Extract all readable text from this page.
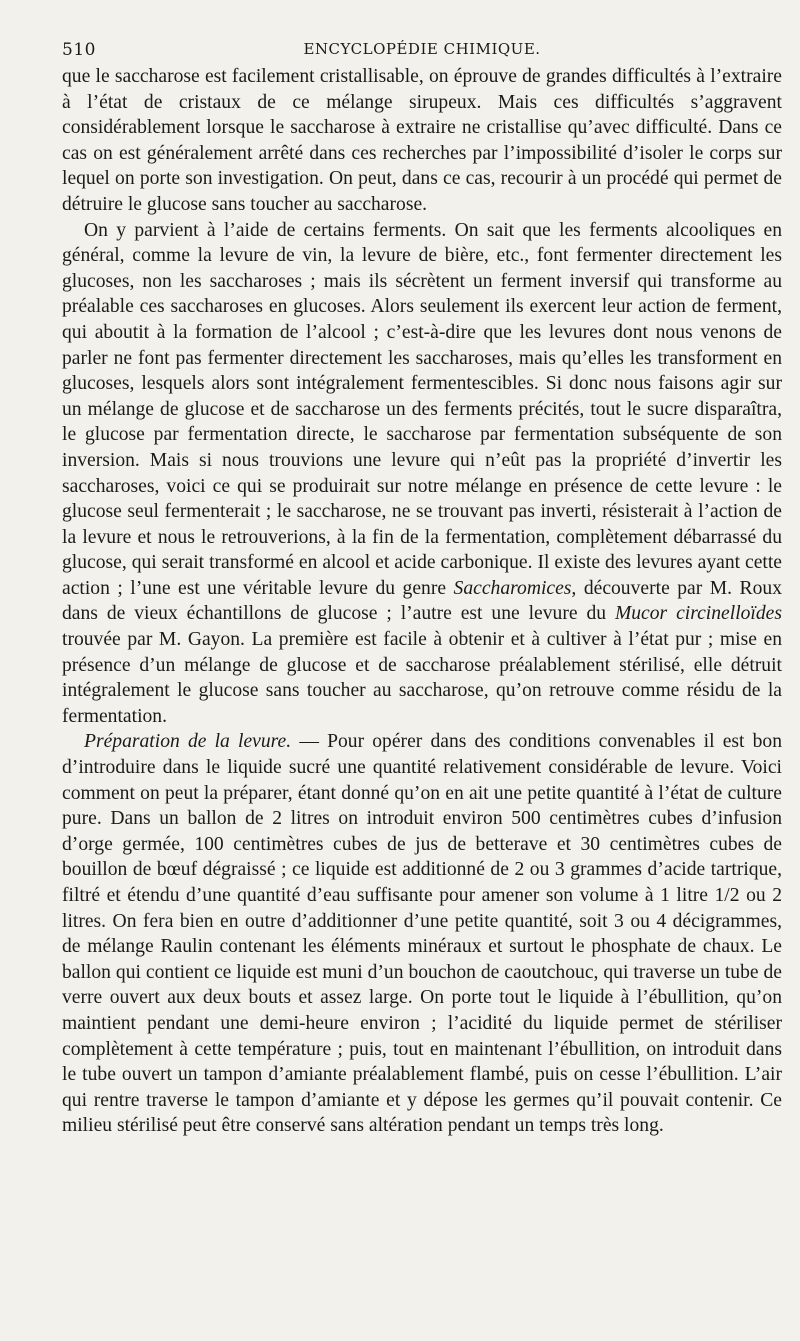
510	ENCYCLOPÉDIE CHIMIQUE.

que le saccharose est facilement cristallisable, on éprouve de grandes difficultés à l’extraire à l’état de cristaux de ce mélange sirupeux. Mais ces difficultés s’aggravent considérablement lorsque le saccharose à extraire ne cristallise qu’avec difficulté. Dans ce cas on est généralement arrêté dans ces recherches par l’impossibilité d’isoler le corps sur lequel on porte son investigation. On peut, dans ce cas, recourir à un procédé qui permet de détruire le glucose sans toucher au saccharose.

On y parvient à l’aide de certains ferments. On sait que les ferments alcooliques en général, comme la levure de vin, la levure de bière, etc., font fermenter directement les glucoses, non les saccharoses ; mais ils sécrètent un ferment inversif qui transforme au préalable ces saccharoses en glucoses. Alors seulement ils exercent leur action de ferment, qui aboutit à la formation de l’alcool ; c’est-à-dire que les levures dont nous venons de parler ne font pas fermenter directement les saccharoses, mais qu’elles les transforment en glucoses, lesquels alors sont intégralement fermentescibles. Si donc nous faisons agir sur un mélange de glucose et de saccharose un des ferments précités, tout le sucre disparaîtra, le glucose par fermentation directe, le saccharose par fermentation subséquente de son inversion. Mais si nous trouvions une levure qui n’eût pas la propriété d’invertir les saccharoses, voici ce qui se produirait sur notre mélange en présence de cette levure : le glucose seul fermenterait ; le saccharose, ne se trouvant pas inverti, résisterait à l’action de la levure et nous le retrouverions, à la fin de la fermentation, complètement débarrassé du glucose, qui serait transformé en alcool et acide carbonique. Il existe des levures ayant cette action ; l’une est une véritable levure du genre Saccharomices, découverte par M. Roux dans de vieux échantillons de glucose ; l’autre est une levure du Mucor circinelloïdes trouvée par M. Gayon. La première est facile à obtenir et à cultiver à l’état pur ; mise en présence d’un mélange de glucose et de saccharose préalablement stérilisé, elle détruit intégralement le glucose sans toucher au saccharose, qu’on retrouve comme résidu de la fermentation.

Préparation de la levure. — Pour opérer dans des conditions convenables il est bon d’introduire dans le liquide sucré une quantité relativement considérable de levure. Voici comment on peut la préparer, étant donné qu’on en ait une petite quantité à l’état de culture pure. Dans un ballon de 2 litres on introduit environ 500 centimètres cubes d’infusion d’orge germée, 100 centimètres cubes de jus de betterave et 30 centimètres cubes de bouillon de bœuf dégraissé ; ce liquide est additionné de 2 ou 3 grammes d’acide tartrique, filtré et étendu d’une quantité d’eau suffisante pour amener son volume à 1 litre 1/2 ou 2 litres. On fera bien en outre d’additionner d’une petite quantité, soit 3 ou 4 décigrammes, de mélange Raulin contenant les éléments minéraux et surtout le phosphate de chaux. Le ballon qui contient ce liquide est muni d’un bouchon de caoutchouc, qui traverse un tube de verre ouvert aux deux bouts et assez large. On porte tout le liquide à l’ébullition, qu’on maintient pendant une demi-heure environ ; l’acidité du liquide permet de stériliser complètement à cette température ; puis, tout en maintenant l’ébullition, on introduit dans le tube ouvert un tampon d’amiante préalablement flambé, puis on cesse l’ébullition. L’air qui rentre traverse le tampon d’amiante et y dépose les germes qu’il pouvait contenir. Ce milieu stérilisé peut être conservé sans altération pendant un temps très long.
